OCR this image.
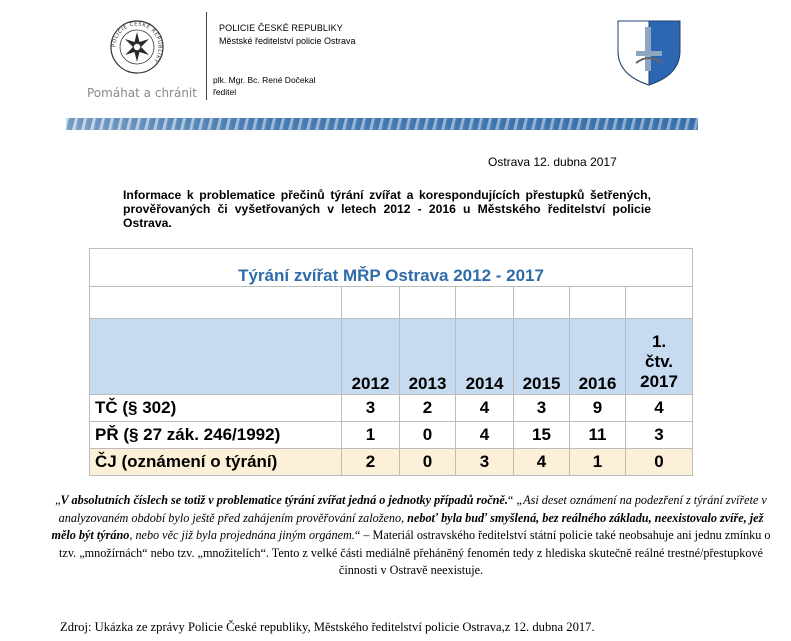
POLICIE ČESKÉ REPUBLIKY
Pomáhat a chránit
POLICIE ČESKÉ REPUBLIKY
Městské ředitelství policie Ostrava
plk. Mgr. Bc. René Dočekal
ředitel
Ostrava 12. dubna 2017
Informace k problematice přečinů týrání zvířat a korespondujících přestupků šetřených, prověřovaných či vyšetřovaných v letech 2012 - 2016 u Městského ředitelství policie Ostrava.
Týrání zvířat MŘP Ostrava 2012 - 2017						

	2012	2013	2014	2015	2016	1.
čtv.
2017

TČ (§ 302)	3	2	4	3	9	4
PŘ (§ 27 zák. 246/1992)	1	0	4	15	11	3
ČJ (oznámení o týrání)	2	0	3	4	1	0

„V absolutních číslech se totiž v problematice týrání zvířat jedná o jednotky případů ročně.“ „Asi deset oznámení na podezření z týrání zvířete v analyzovaném období bylo ještě před zahájením prověřování založeno, neboť byla buď smyšlená, bez reálného základu, neexistovalo zvíře, jež mělo být týráno, nebo věc již byla projednána jiným orgánem.“ – Materiál ostravského ředitelství státní policie také neobsahuje ani jednu zmínku o tzv. „množírnách“ nebo tzv. „množitelích“. Tento z velké části mediálně přeháněný fenomén tedy z hlediska skutečně reálné trestné/přestupkové činnosti v Ostravě neexistuje.

Zdroj: Ukázka ze zprávy Policie České republiky, Městského ředitelství policie Ostrava,z 12. dubna 2017.
